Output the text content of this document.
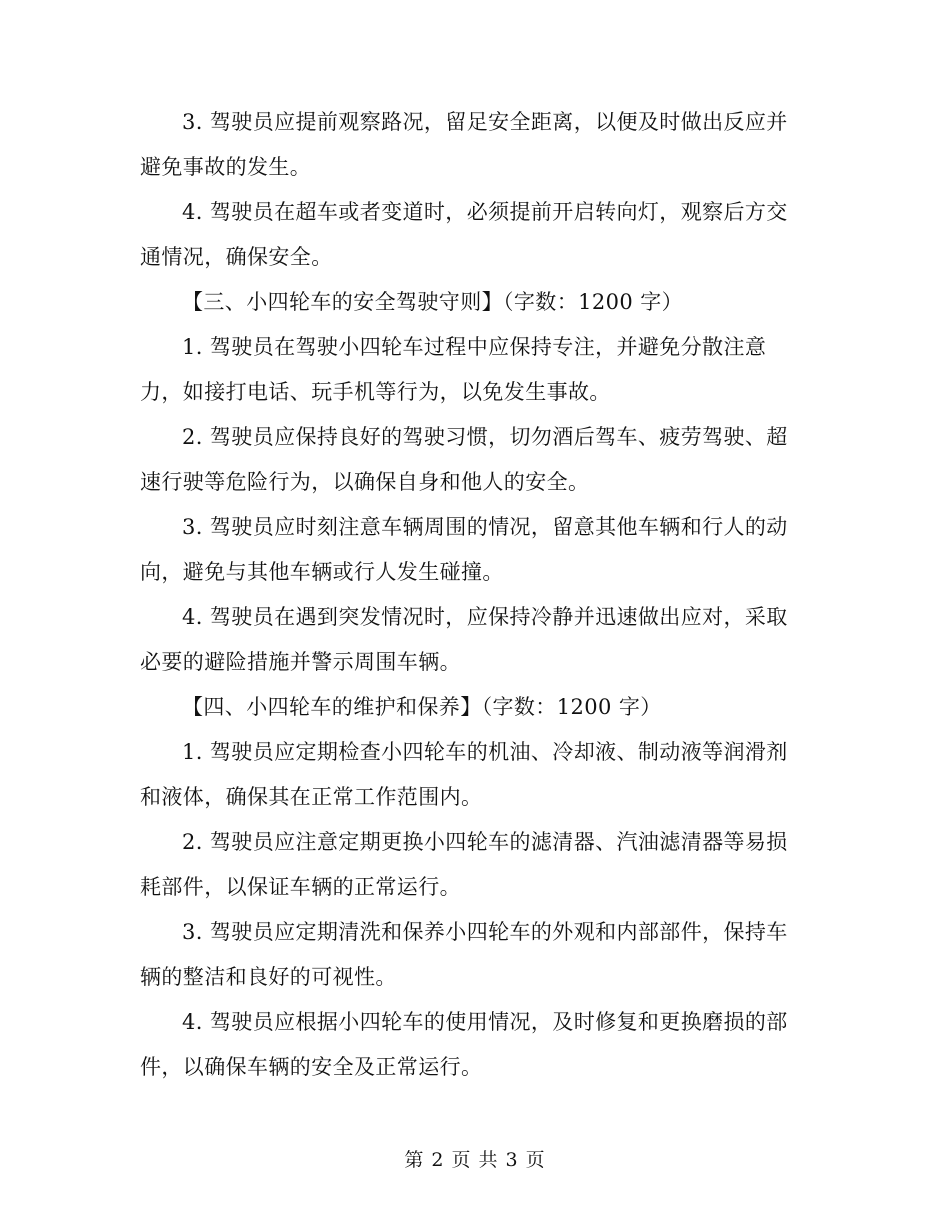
3. 驾驶员应提前观察路况，留足安全距离，以便及时做出反应并避免事故的发生。

4. 驾驶员在超车或者变道时，必须提前开启转向灯，观察后方交通情况，确保安全。

【三、小四轮车的安全驾驶守则】（字数：1200 字）

1. 驾驶员在驾驶小四轮车过程中应保持专注，并避免分散注意力，如接打电话、玩手机等行为，以免发生事故。

2. 驾驶员应保持良好的驾驶习惯，切勿酒后驾车、疲劳驾驶、超速行驶等危险行为，以确保自身和他人的安全。

3. 驾驶员应时刻注意车辆周围的情况，留意其他车辆和行人的动向，避免与其他车辆或行人发生碰撞。

4. 驾驶员在遇到突发情况时，应保持冷静并迅速做出应对，采取必要的避险措施并警示周围车辆。

【四、小四轮车的维护和保养】（字数：1200 字）

1. 驾驶员应定期检查小四轮车的机油、冷却液、制动液等润滑剂和液体，确保其在正常工作范围内。

2. 驾驶员应注意定期更换小四轮车的滤清器、汽油滤清器等易损耗部件，以保证车辆的正常运行。

3. 驾驶员应定期清洗和保养小四轮车的外观和内部部件，保持车辆的整洁和良好的可视性。

4. 驾驶员应根据小四轮车的使用情况，及时修复和更换磨损的部件，以确保车辆的安全及正常运行。

第 2 页 共 3 页
